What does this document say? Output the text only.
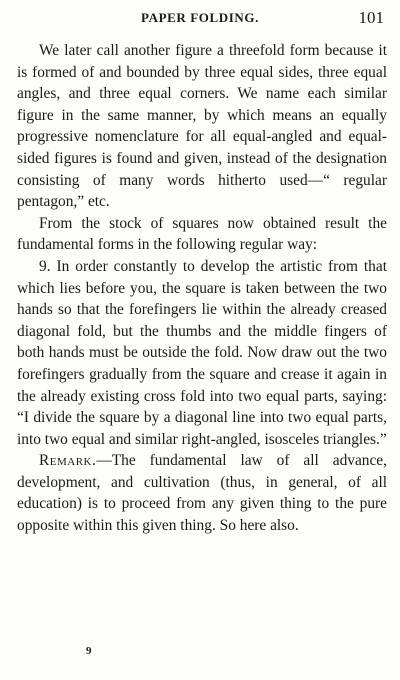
PAPER FOLDING.	101

We later call another figure a threefold form because it is formed of and bounded by three equal sides, three equal angles, and three equal corners. We name each similar figure in the same manner, by which means an equally progressive nomenclature for all equal-angled and equal-sided figures is found and given, instead of the designation consisting of many words hitherto used—“ regular pentagon,” etc.

From the stock of squares now obtained result the fundamental forms in the following regular way:

9. In order constantly to develop the artistic from that which lies before you, the square is taken between the two hands so that the forefingers lie within the already creased diagonal fold, but the thumbs and the middle fingers of both hands must be outside the fold. Now draw out the two forefingers gradually from the square and crease it again in the already existing cross fold into two equal parts, saying: “I divide the square by a diagonal line into two equal parts, into two equal and similar right-angled, isosceles triangles.”

Remark.—The fundamental law of all advance, development, and cultivation (thus, in general, of all education) is to proceed from any given thing to the pure opposite within this given thing. So here also.

9
